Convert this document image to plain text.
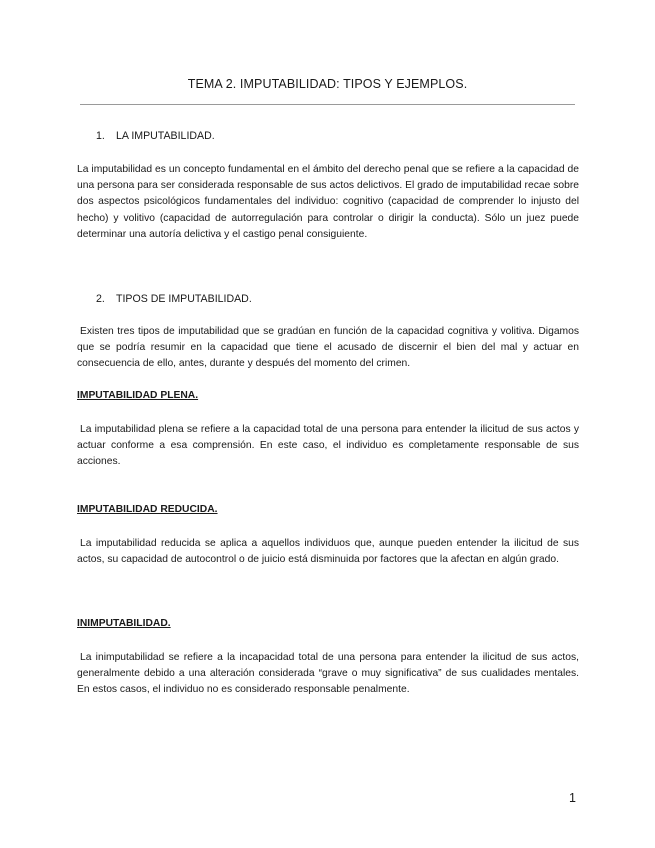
TEMA 2. IMPUTABILIDAD: TIPOS Y EJEMPLOS.
1. LA IMPUTABILIDAD.
La imputabilidad es un concepto fundamental en el ámbito del derecho penal que se refiere a la capacidad de una persona para ser considerada responsable de sus actos delictivos. El grado de imputabilidad recae sobre dos aspectos psicológicos fundamentales del individuo: cognitivo (capacidad de comprender lo injusto del hecho) y volitivo (capacidad de autorregulación para controlar o dirigir la conducta). Sólo un juez puede determinar una autoría delictiva y el castigo penal consiguiente.
2. TIPOS DE IMPUTABILIDAD.
Existen tres tipos de imputabilidad que se gradúan en función de la capacidad cognitiva y volitiva. Digamos que se podría resumir en la capacidad que tiene el acusado de discernir el bien del mal y actuar en consecuencia de ello, antes, durante y después del momento del crimen.
IMPUTABILIDAD PLENA.
La imputabilidad plena se refiere a la capacidad total de una persona para entender la ilicitud de sus actos y actuar conforme a esa comprensión. En este caso, el individuo es completamente responsable de sus acciones.
IMPUTABILIDAD REDUCIDA.
La imputabilidad reducida se aplica a aquellos individuos que, aunque pueden entender la ilicitud de sus actos, su capacidad de autocontrol o de juicio está disminuida por factores que la afectan en algún grado.
INIMPUTABILIDAD.
La inimputabilidad se refiere a la incapacidad total de una persona para entender la ilicitud de sus actos, generalmente debido a una alteración considerada “grave o muy significativa” de sus cualidades mentales. En estos casos, el individuo no es considerado responsable penalmente.
1
